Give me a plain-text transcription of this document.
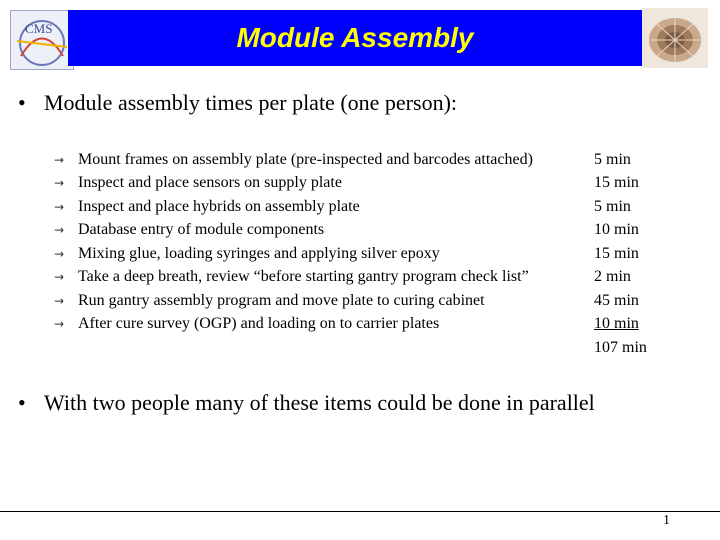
CMS	Module Assembly
• Module assembly times per plate (one person):
→ Mount frames on assembly plate (pre-inspected and barcodes attached)	5 min
→ Inspect and place sensors on supply plate	15 min
→ Inspect and place hybrids on assembly plate	5 min
→ Database entry of module components	10 min
→ Mixing glue, loading syringes and applying silver epoxy	15 min
→ Take a deep breath, review “before starting gantry program check list”	2 min
→ Run gantry assembly program and move plate to curing cabinet	45 min
→ After cure survey (OGP) and loading on to carrier plates	10 min
107 min
• With two people many of these items could be done in parallel
1
